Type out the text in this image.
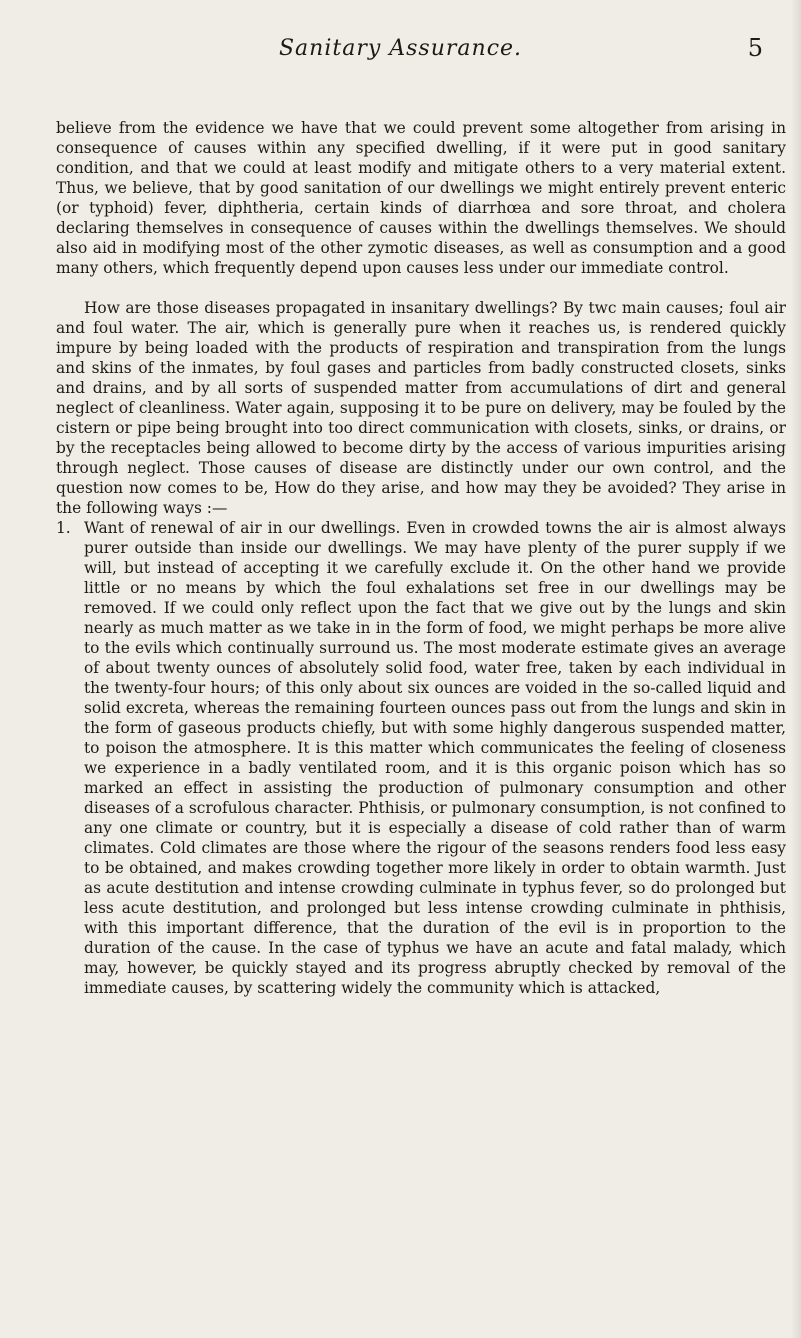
Sanitary Assurance.	5

believe from the evidence we have that we could prevent some altogether from arising in consequence of causes within any specified dwelling, if it were put in good sanitary condition, and that we could at least modify and mitigate others to a very material extent. Thus, we believe, that by good sanitation of our dwellings we might entirely prevent enteric (or typhoid) fever, diphtheria, certain kinds of diarrhœa and sore throat, and cholera declaring themselves in consequence of causes within the dwellings themselves. We should also aid in modifying most of the other zymotic diseases, as well as consumption and a good many others, which frequently depend upon causes less under our immediate control.

How are those diseases propagated in insanitary dwellings? By twc main causes; foul air and foul water. The air, which is generally pure when it reaches us, is rendered quickly impure by being loaded with the products of respiration and transpiration from the lungs and skins of the inmates, by foul gases and particles from badly constructed closets, sinks and drains, and by all sorts of suspended matter from accumulations of dirt and general neglect of cleanliness. Water again, supposing it to be pure on delivery, may be fouled by the cistern or pipe being brought into too direct communication with closets, sinks, or drains, or by the receptacles being allowed to become dirty by the access of various impurities arising through neglect. Those causes of disease are distinctly under our own control, and the question now comes to be, How do they arise, and how may they be avoided? They arise in the following ways :—

1. Want of renewal of air in our dwellings. Even in crowded towns the air is almost always purer outside than inside our dwellings. We may have plenty of the purer supply if we will, but instead of accepting it we carefully exclude it. On the other hand we provide little or no means by which the foul exhalations set free in our dwellings may be removed. If we could only reflect upon the fact that we give out by the lungs and skin nearly as much matter as we take in in the form of food, we might perhaps be more alive to the evils which continually surround us. The most moderate estimate gives an average of about twenty ounces of absolutely solid food, water free, taken by each individual in the twenty-four hours; of this only about six ounces are voided in the so-called liquid and solid excreta, whereas the remaining fourteen ounces pass out from the lungs and skin in the form of gaseous products chiefly, but with some highly dangerous suspended matter, to poison the atmosphere. It is this matter which communicates the feeling of closeness we experience in a badly ventilated room, and it is this organic poison which has so marked an effect in assisting the production of pulmonary consumption and other diseases of a scrofulous character. Phthisis, or pulmonary consumption, is not confined to any one climate or country, but it is especially a disease of cold rather than of warm climates. Cold climates are those where the rigour of the seasons renders food less easy to be obtained, and makes crowding together more likely in order to obtain warmth. Just as acute destitution and intense crowding culminate in typhus fever, so do prolonged but less acute destitution, and prolonged but less intense crowding culminate in phthisis, with this important difference, that the duration of the evil is in proportion to the duration of the cause. In the case of typhus we have an acute and fatal malady, which may, however, be quickly stayed and its progress abruptly checked by removal of the immediate causes, by scattering widely the community which is attacked,
